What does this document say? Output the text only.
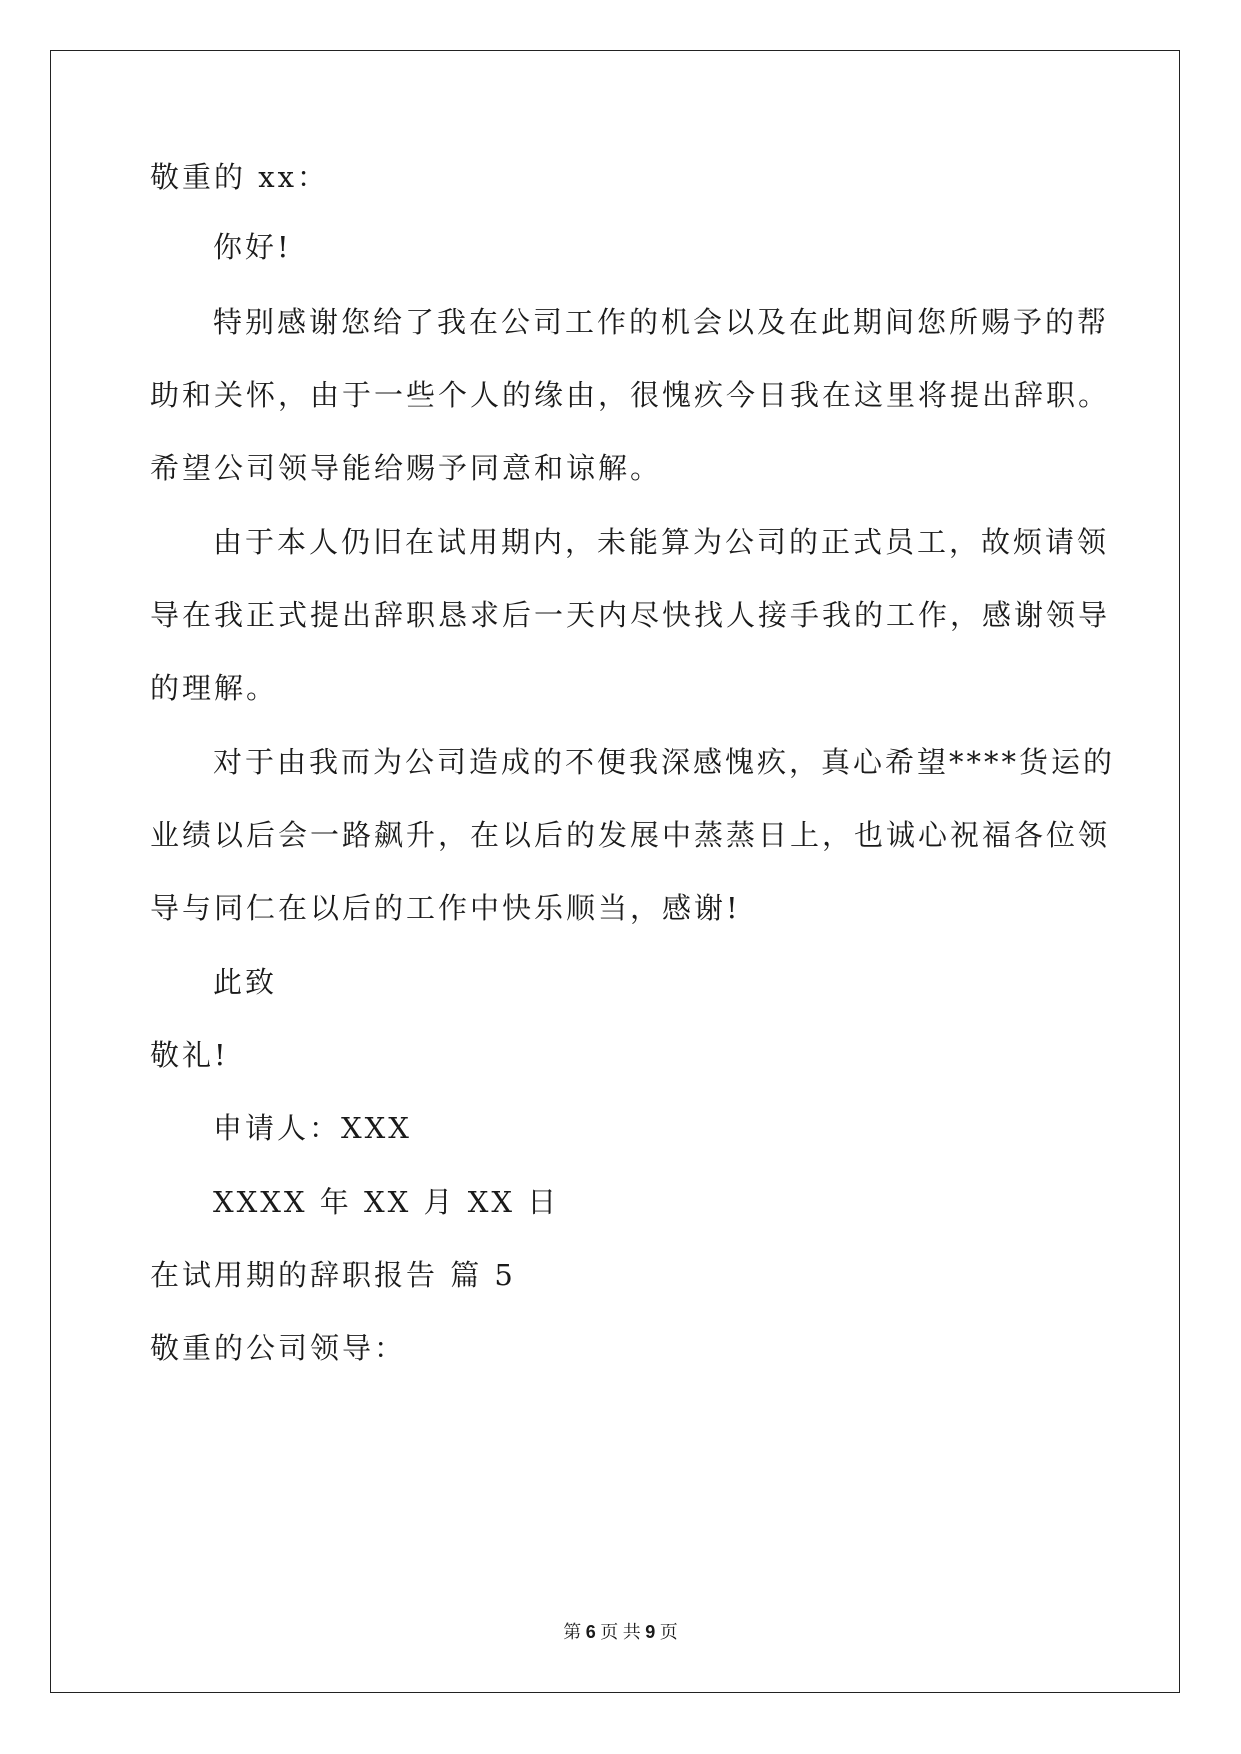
敬重的 xx：
你好!
特别感谢您给了我在公司工作的机会以及在此期间您所赐予的帮
助和关怀，由于一些个人的缘由，很愧疚今日我在这里将提出辞职。
希望公司领导能给赐予同意和谅解。
由于本人仍旧在试用期内，未能算为公司的正式员工，故烦请领
导在我正式提出辞职恳求后一天内尽快找人接手我的工作，感谢领导
的理解。
对于由我而为公司造成的不便我深感愧疚，真心希望****货运的
业绩以后会一路飙升，在以后的发展中蒸蒸日上，也诚心祝福各位领
导与同仁在以后的工作中快乐顺当，感谢!
此致
敬礼!
申请人：XXX
XXXX 年 XX 月 XX 日
在试用期的辞职报告 篇 5
敬重的公司领导：
第 6 页 共 9 页
